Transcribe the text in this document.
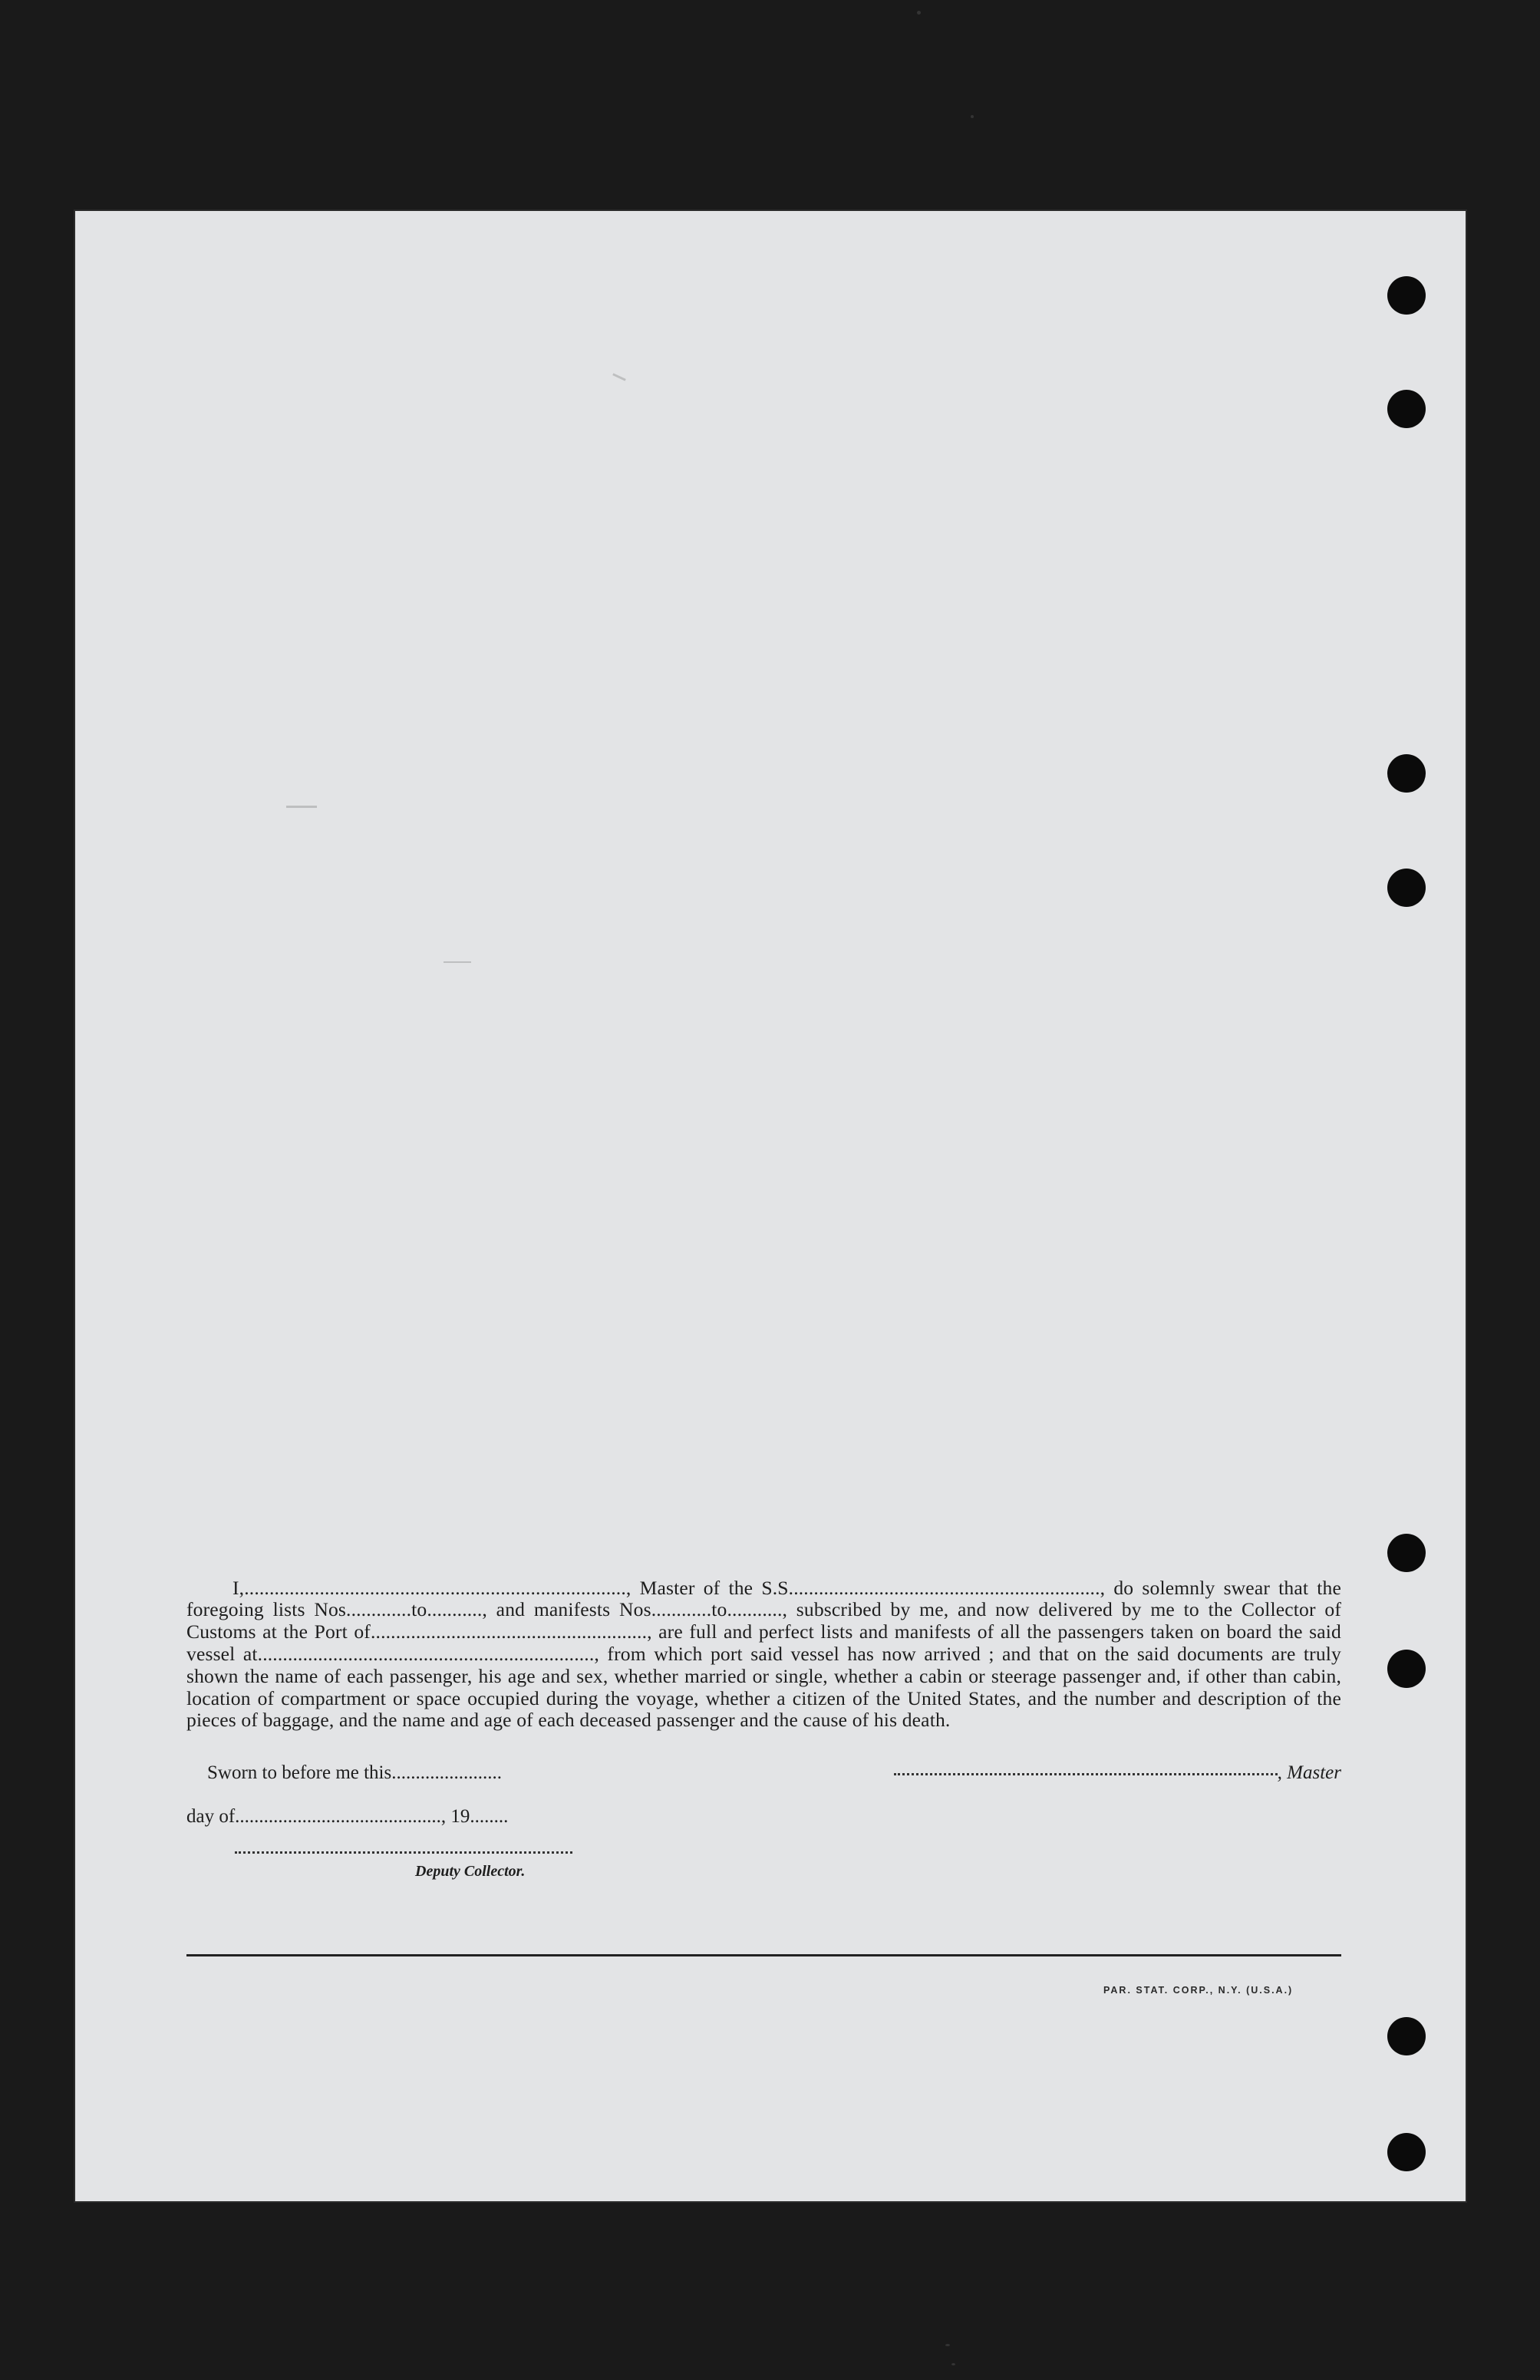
I,............................................................................, Master of the S.S.............................................................., do solemnly swear that the foregoing lists Nos.............to..........., and manifests Nos............to..........., subscribed by me, and now delivered by me to the Collector of Customs at the Port of......................................................., are full and perfect lists and manifests of all the passengers taken on board the said vessel at..................................................................., from which port said vessel has now arrived ; and that on the said documents are truly shown the name of each passenger, his age and sex, whether married or single, whether a cabin or steerage passenger and, if other than cabin, location of compartment or space occupied during the voyage, whether a citizen of the United States, and the number and description of the pieces of baggage, and the name and age of each deceased passenger and the cause of his death.

Sworn to before me this.......................
day of..........................................., 19........
Deputy Collector.
, Master
PAR. STAT. CORP., N.Y. (U.S.A.)
